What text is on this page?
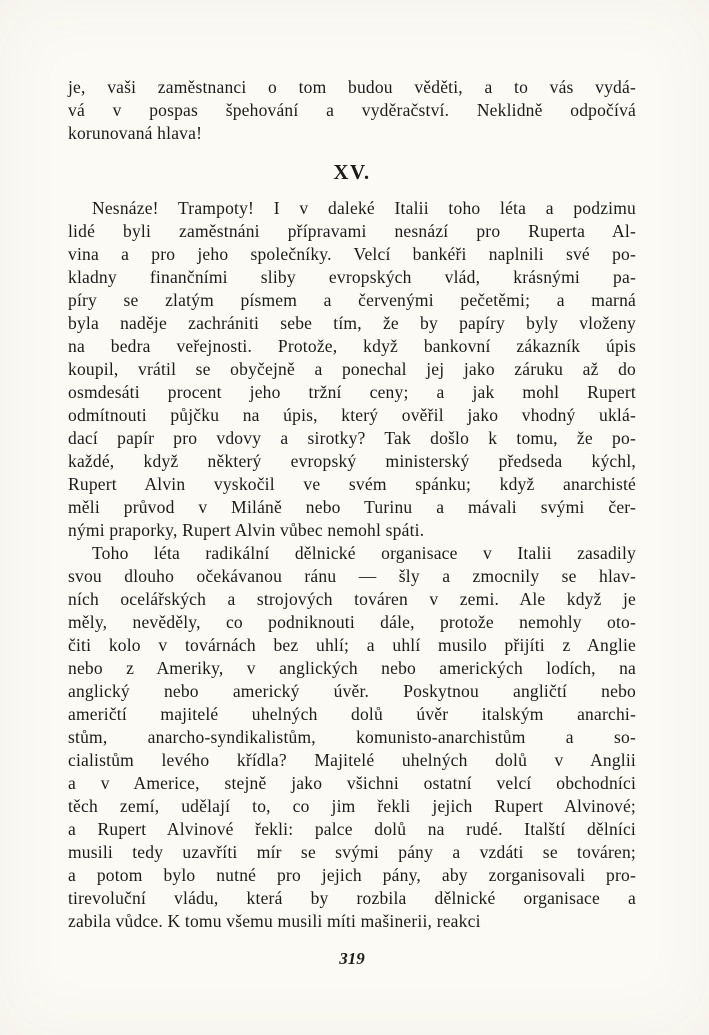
je, vaši zaměstnanci o tom budou věděti, a to vás vydá-
vá v pospas špehování a vyděračství. Neklidně odpočívá
korunovaná hlava!
XV.
Nesnáze! Trampoty! I v daleké Italii toho léta a podzimu
lidé byli zaměstnáni přípravami nesnází pro Ruperta Al-
vina a pro jeho společníky. Velcí bankéři naplnili své po-
kladny finančními sliby evropských vlád, krásnými pa-
píry se zlatým písmem a červenými pečetěmi; a marná
byla naděje zachrániti sebe tím, že by papíry byly vloženy
na bedra veřejnosti. Protože, když bankovní zákazník úpis
koupil, vrátil se obyčejně a ponechal jej jako záruku až do
osmdesáti procent jeho tržní ceny; a jak mohl Rupert
odmítnouti půjčku na úpis, který ověřil jako vhodný uklá-
dací papír pro vdovy a sirotky? Tak došlo k tomu, že po-
každé, když některý evropský ministerský předseda kýchl,
Rupert Alvin vyskočil ve svém spánku; když anarchisté
měli průvod v Miláně nebo Turinu a mávali svými čer-
nými praporky, Rupert Alvin vůbec nemohl spáti.
Toho léta radikální dělnické organisace v Italii zasadily
svou dlouho očekávanou ránu — šly a zmocnily se hlav-
ních ocelářských a strojových továren v zemi. Ale když je
měly, nevěděly, co podniknouti dále, protože nemohly oto-
čiti kolo v továrnách bez uhlí; a uhlí musilo přijíti z Anglie
nebo z Ameriky, v anglických nebo amerických lodích, na
anglický nebo americký úvěr. Poskytnou angličtí nebo
američtí majitelé uhelných dolů úvěr italským anarchi-
stům, anarcho-syndikalistům, komunisto-anarchistům a so-
cialistům levého křídla? Majitelé uhelných dolů v Anglii
a v Americe, stejně jako všichni ostatní velcí obchodníci
těch zemí, udělají to, co jim řekli jejich Rupert Alvinové;
a Rupert Alvinové řekli: palce dolů na rudé. Italští dělníci
musili tedy uzavříti mír se svými pány a vzdáti se továren;
a potom bylo nutné pro jejich pány, aby zorganisovali pro-
tirevoluční vládu, která by rozbila dělnické organisace a
zabila vůdce. K tomu všemu musili míti mašinerii, reakci
319
